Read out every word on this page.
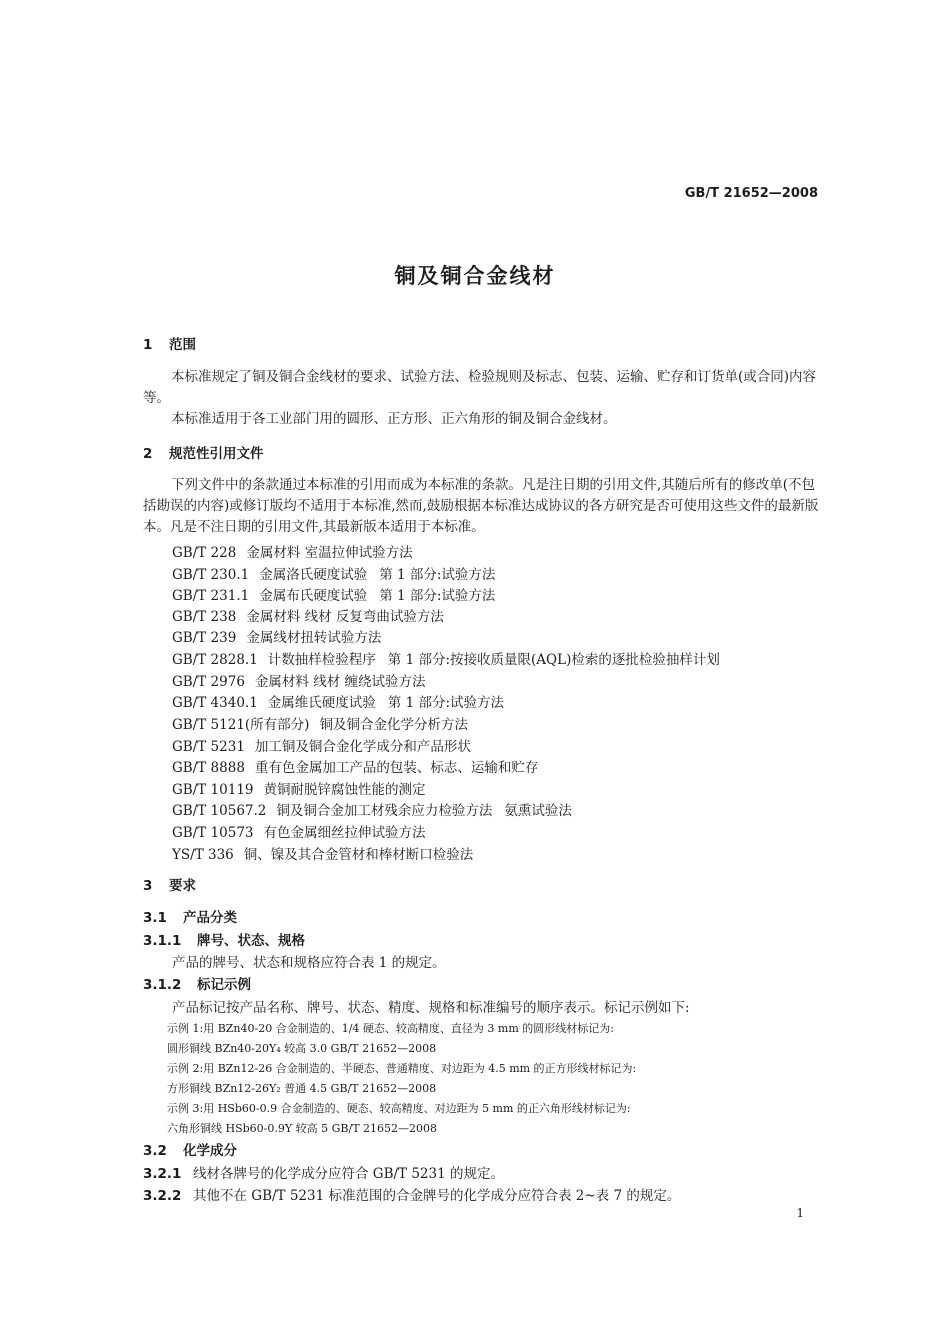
GB/T 21652—2008
铜及铜合金线材
1 范围
本标准规定了铜及铜合金线材的要求、试验方法、检验规则及标志、包装、运输、贮存和订货单(或合同)内容等。
本标准适用于各工业部门用的圆形、正方形、正六角形的铜及铜合金线材。
2 规范性引用文件
下列文件中的条款通过本标准的引用而成为本标准的条款。凡是注日期的引用文件,其随后所有的修改单(不包括勘误的内容)或修订版均不适用于本标准,然而,鼓励根据本标准达成协议的各方研究是否可使用这些文件的最新版本。凡是不注日期的引用文件,其最新版本适用于本标准。
GB/T 228 金属材料 室温拉伸试验方法
GB/T 230.1 金属洛氏硬度试验 第 1 部分:试验方法
GB/T 231.1 金属布氏硬度试验 第 1 部分:试验方法
GB/T 238 金属材料 线材 反复弯曲试验方法
GB/T 239 金属线材扭转试验方法
GB/T 2828.1 计数抽样检验程序 第 1 部分:按接收质量限(AQL)检索的逐批检验抽样计划
GB/T 2976 金属材料 线材 缠绕试验方法
GB/T 4340.1 金属维氏硬度试验 第 1 部分:试验方法
GB/T 5121(所有部分) 铜及铜合金化学分析方法
GB/T 5231 加工铜及铜合金化学成分和产品形状
GB/T 8888 重有色金属加工产品的包装、标志、运输和贮存
GB/T 10119 黄铜耐脱锌腐蚀性能的测定
GB/T 10567.2 铜及铜合金加工材残余应力检验方法 氨熏试验法
GB/T 10573 有色金属细丝拉伸试验方法
YS/T 336 铜、镍及其合金管材和棒材断口检验法
3 要求
3.1 产品分类
3.1.1 牌号、状态、规格
产品的牌号、状态和规格应符合表 1 的规定。
3.1.2 标记示例
产品标记按产品名称、牌号、状态、精度、规格和标准编号的顺序表示。标记示例如下:
示例 1:用 BZn40-20 合金制造的、1/4 硬态、较高精度、直径为 3 mm 的圆形线材标记为:
圆形铜线 BZn40-20Y₄ 较高 3.0 GB/T 21652—2008
示例 2:用 BZn12-26 合金制造的、半硬态、普通精度、对边距为 4.5 mm 的正方形线材标记为:
方形铜线 BZn12-26Y₂ 普通 4.5 GB/T 21652—2008
示例 3:用 HSb60-0.9 合金制造的、硬态、较高精度、对边距为 5 mm 的正六角形线材标记为:
六角形铜线 HSb60-0.9Y 较高 5 GB/T 21652—2008
3.2 化学成分
3.2.1 线材各牌号的化学成分应符合 GB/T 5231 的规定。
3.2.2 其他不在 GB/T 5231 标准范围的合金牌号的化学成分应符合表 2~表 7 的规定。
1
